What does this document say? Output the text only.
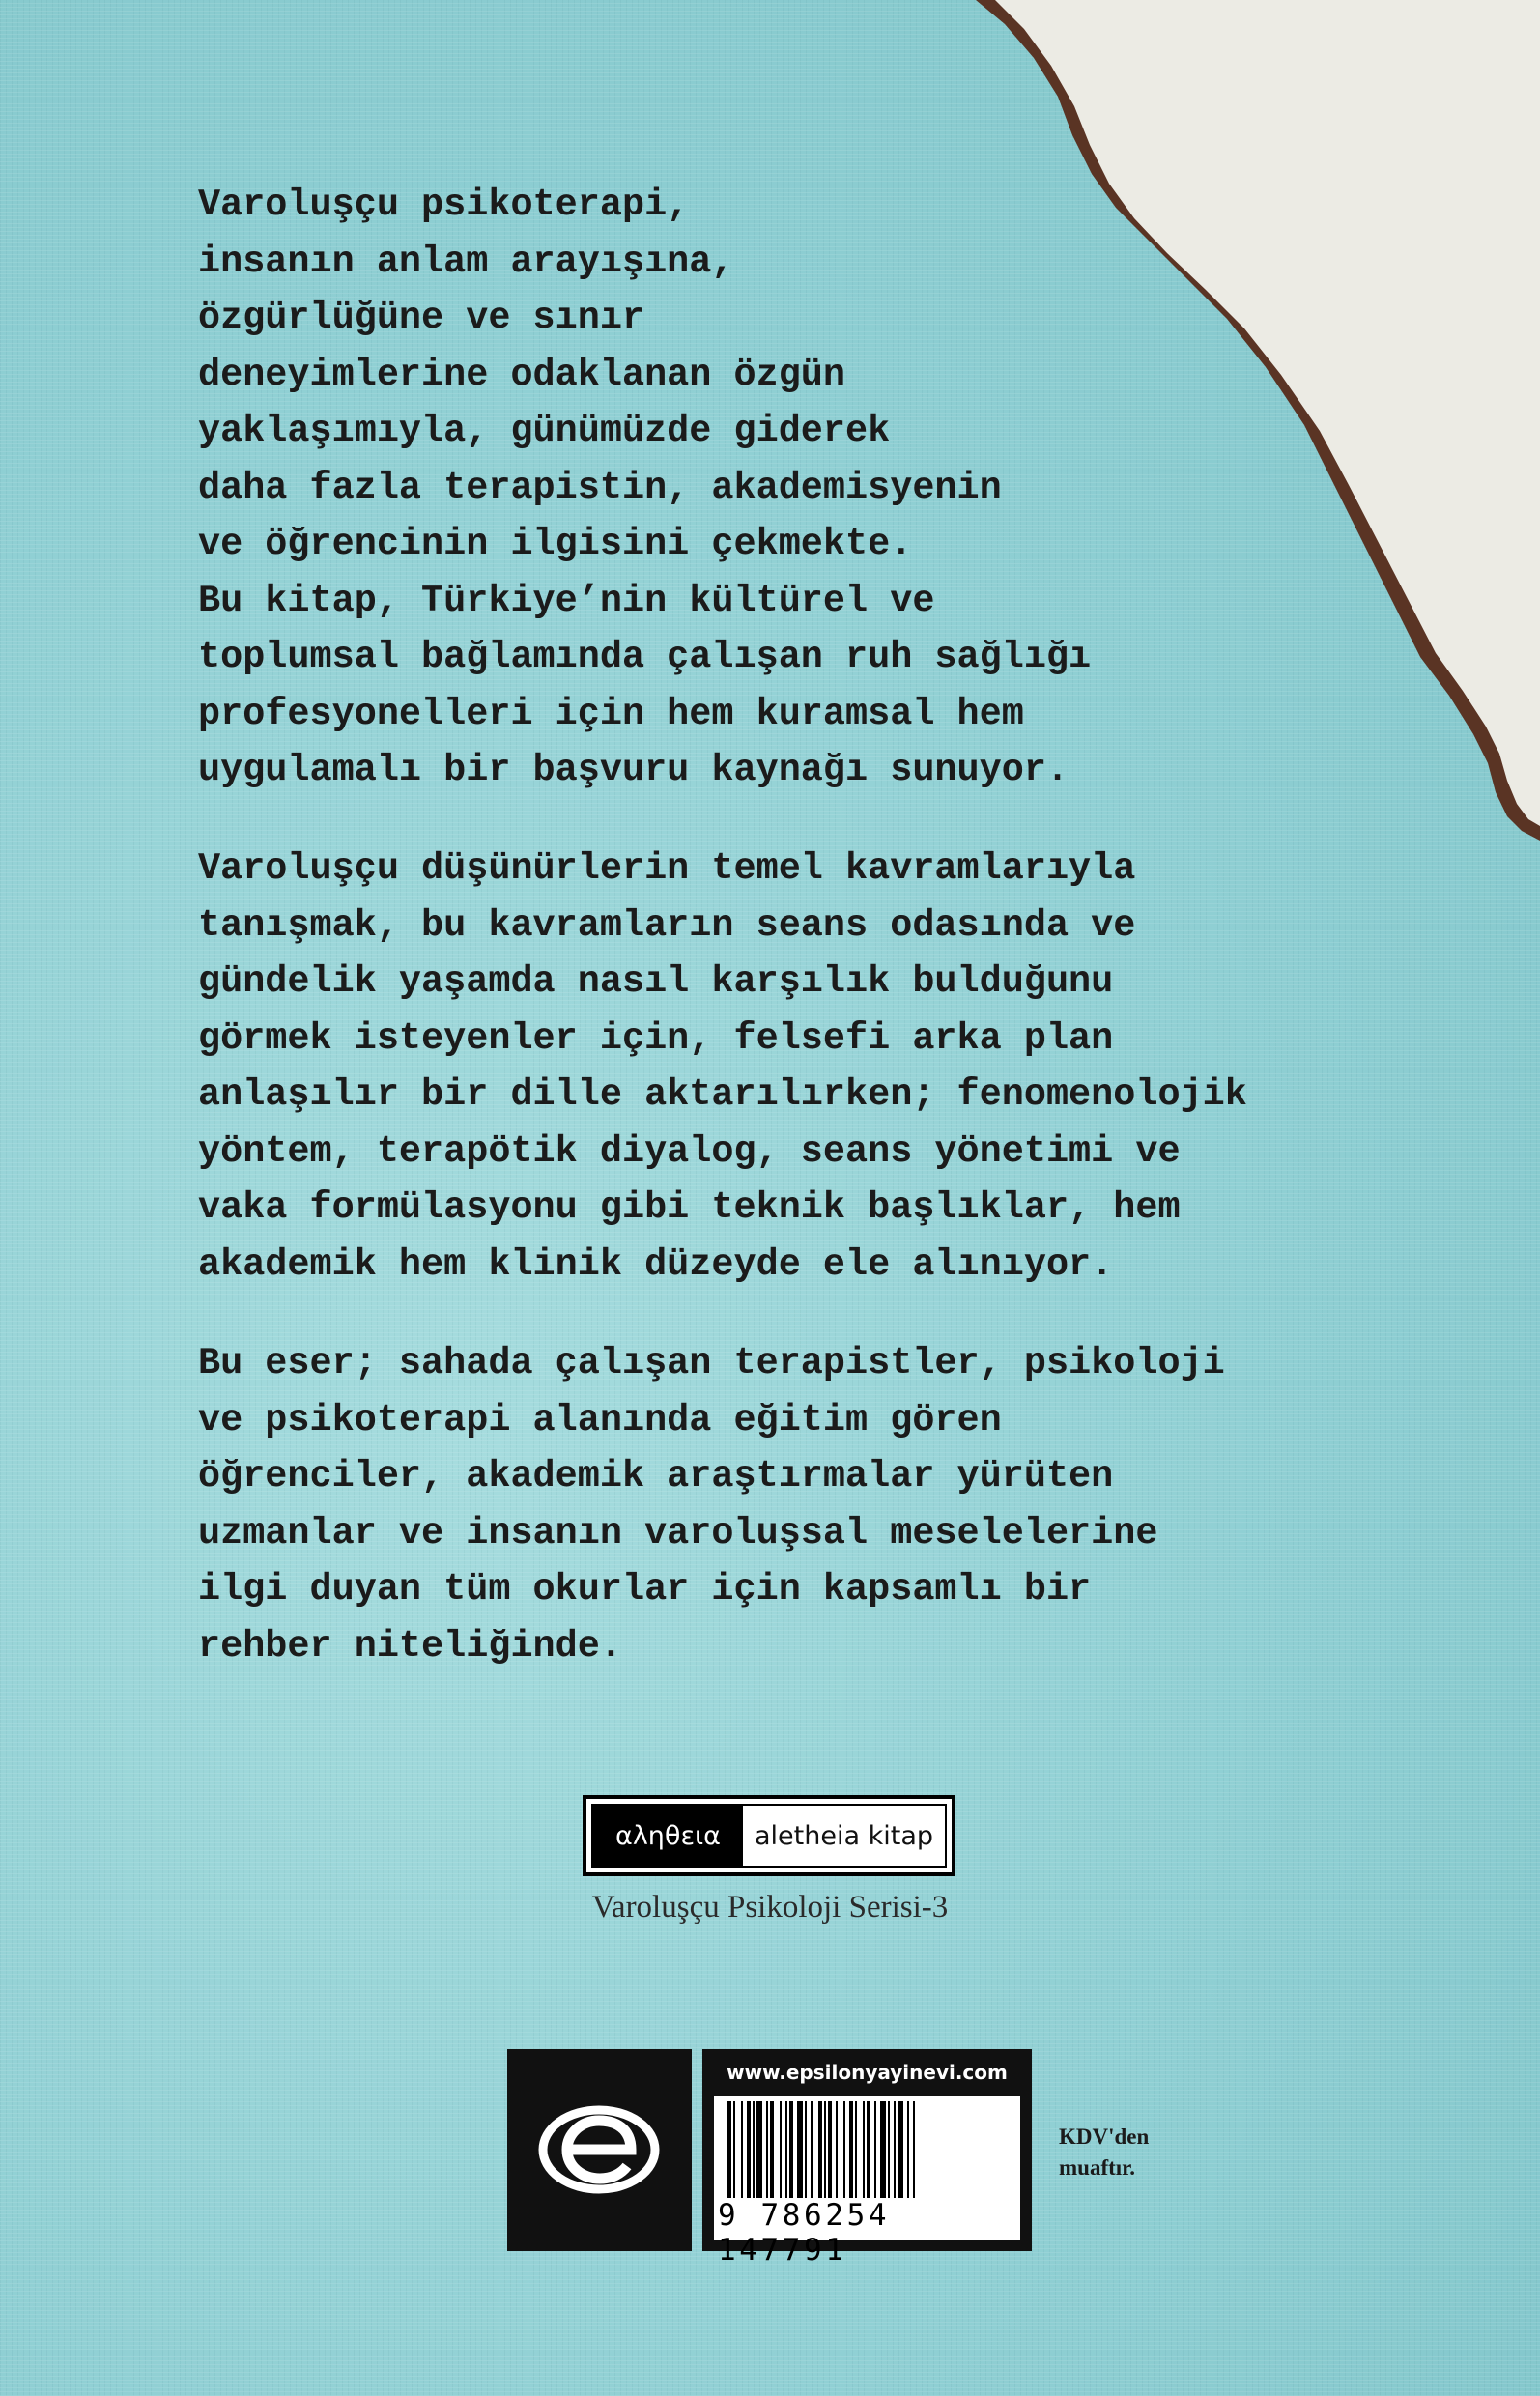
Varoluşçu psikoterapi,
insanın anlam arayışına,
özgürlüğüne ve sınır
deneyimlerine odaklanan özgün
yaklaşımıyla, günümüzde giderek
daha fazla terapistin, akademisyenin
ve öğrencinin ilgisini çekmekte.
Bu kitap, Türkiye’nin kültürel ve
toplumsal bağlamında çalışan ruh sağlığı
profesyonelleri için hem kuramsal hem
uygulamalı bir başvuru kaynağı sunuyor.

Varoluşçu düşünürlerin temel kavramlarıyla
tanışmak, bu kavramların seans odasında ve
gündelik yaşamda nasıl karşılık bulduğunu
görmek isteyenler için, felsefi arka plan
anlaşılır bir dille aktarılırken; fenomenolojik
yöntem, terapötik diyalog, seans yönetimi ve
vaka formülasyonu gibi teknik başlıklar, hem
akademik hem klinik düzeyde ele alınıyor.

Bu eser; sahada çalışan terapistler, psikoloji
ve psikoterapi alanında eğitim gören
öğrenciler, akademik araştırmalar yürüten
uzmanlar ve insanın varoluşsal meselelerine
ilgi duyan tüm okurlar için kapsamlı bir
rehber niteliğinde.

αληθεια	aletheia kitap
Varoluşçu Psikoloji Serisi-3
www.epsilonyayinevi.com
9 786254 147791
KDV'den
muaftır.
